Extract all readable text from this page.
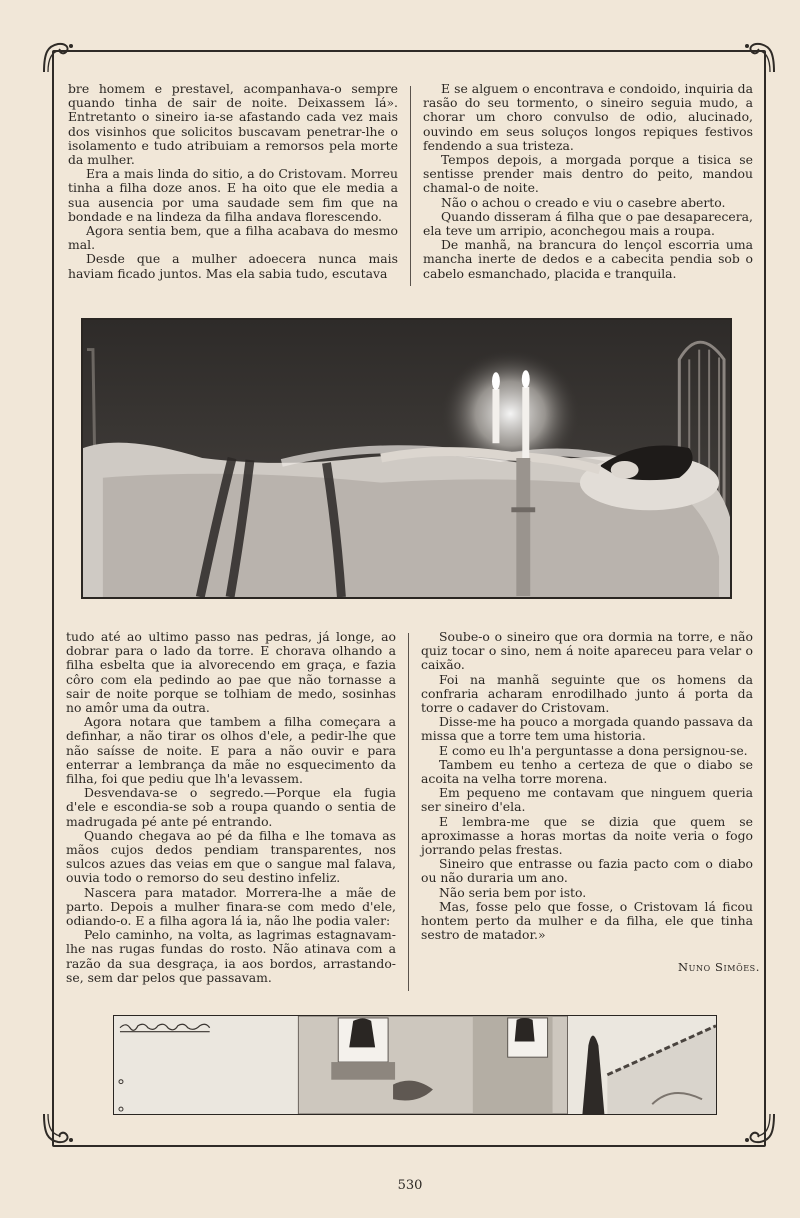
bre homem e prestavel, acompanhava-o sempre quando tinha de sair de noite. Deixassem lá». Entretanto o sineiro ia-se afastando cada vez mais dos visinhos que solicitos buscavam penetrar-lhe o isolamento e tudo atribuiam a remorsos pela morte da mulher.

Era a mais linda do sitio, a do Cristovam. Morreu tinha a filha doze anos. E ha oito que ele media a sua ausencia por uma saudade sem fim que na bondade e na lindeza da filha andava florescendo.

Agora sentia bem, que a filha acabava do mesmo mal.

Desde que a mulher adoecera nunca mais haviam ficado juntos. Mas ela sabia tudo, escutava

E se alguem o encontrava e condoido, inquiria da rasão do seu tormento, o sineiro seguia mudo, a chorar um choro convulso de odio, alucinado, ouvindo em seus soluços longos repiques festivos fendendo a sua tristeza.

Tempos depois, a morgada porque a tisica se sentisse prender mais dentro do peito, mandou chamal-o de noite.

Não o achou o creado e viu o casebre aberto.

Quando disseram á filha que o pae desaparecera, ela teve um arripio, aconchegou mais a roupa.

De manhã, na brancura do lençol escorria uma mancha inerte de dedos e a cabecita pendia sob o cabelo esmanchado, placida e tranquila.

tudo até ao ultimo passo nas pedras, já longe, ao dobrar para o lado da torre. E chorava olhando a filha esbelta que ia alvorecendo em graça, e fazia côro com ela pedindo ao pae que não tornasse a sair de noite porque se tolhiam de medo, sosinhas no amôr uma da outra.

Agora notara que tambem a filha começara a definhar, a não tirar os olhos d'ele, a pedir-lhe que não saísse de noite. E para a não ouvir e para enterrar a lembrança da mãe no esquecimento da filha, foi que pediu que lh'a levassem.

Desvendava-se o segredo.—Porque ela fugia d'ele e escondia-se sob a roupa quando o sentia de madrugada pé ante pé entrando.

Quando chegava ao pé da filha e lhe tomava as mãos cujos dedos pendiam transparentes, nos sulcos azues das veias em que o sangue mal falava, ouvia todo o remorso do seu destino infeliz.

Nascera para matador. Morrera-lhe a mãe de parto. Depois a mulher finara-se com medo d'ele, odiando-o. E a filha agora lá ia, não lhe podia valer:

Pelo caminho, na volta, as lagrimas estagnavam-lhe nas rugas fundas do rosto. Não atinava com a razão da sua desgraça, ia aos bordos, arrastando-se, sem dar pelos que passavam.

Soube-o o sineiro que ora dormia na torre, e não quiz tocar o sino, nem á noite apareceu para velar o caixão.

Foi na manhã seguinte que os homens da confraria acharam enrodilhado junto á porta da torre o cadaver do Cristovam.

Disse-me ha pouco a morgada quando passava da missa que a torre tem uma historia.

E como eu lh'a perguntasse a dona persignou-se.

Tambem eu tenho a certeza de que o diabo se acoita na velha torre morena.

Em pequeno me contavam que ninguem queria ser sineiro d'ela.

E lembra-me que se dizia que quem se aproximasse a horas mortas da noite veria o fogo jorrando pelas frestas.

Sineiro que entrasse ou fazia pacto com o diabo ou não duraria um ano.

Não seria bem por isto.

Mas, fosse pelo que fosse, o Cristovam lá ficou hontem perto da mulher e da filha, ele que tinha sestro de matador.»

Nuno Simões.
530
